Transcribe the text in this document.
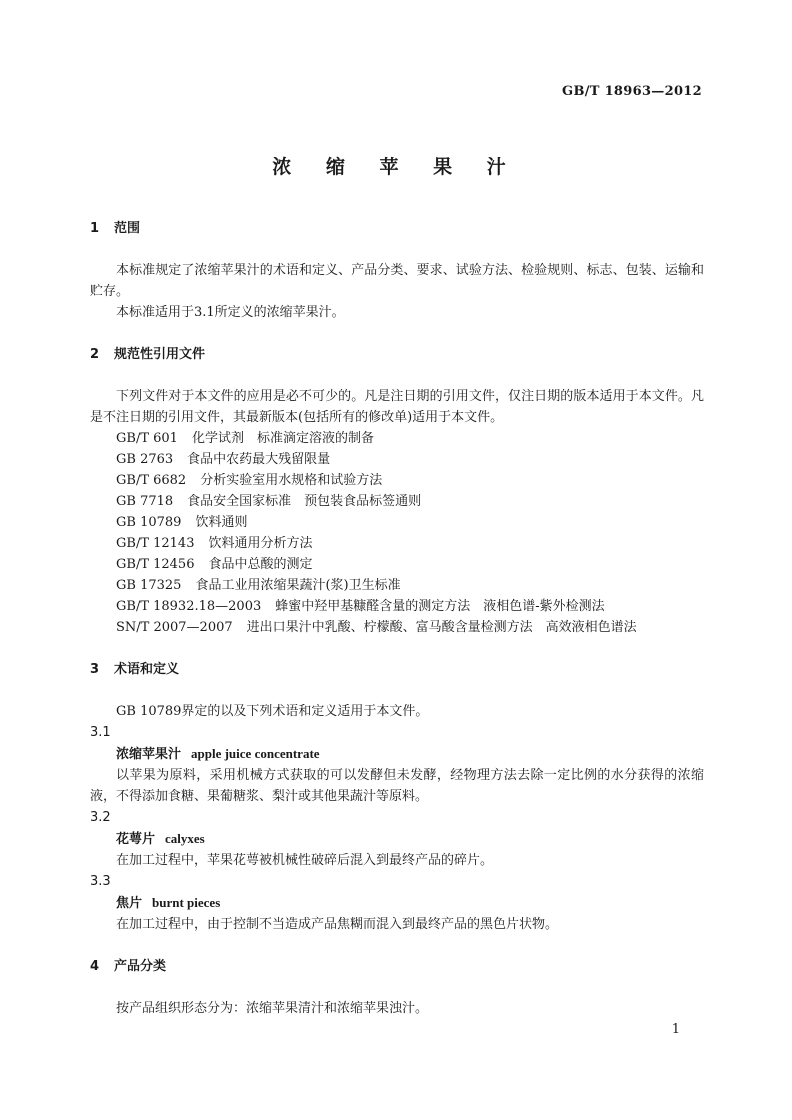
GB/T 18963—2012
浓 缩 苹 果 汁
1 范围
本标准规定了浓缩苹果汁的术语和定义、产品分类、要求、试验方法、检验规则、标志、包装、运输和贮存。
本标准适用于3.1所定义的浓缩苹果汁。
2 规范性引用文件
下列文件对于本文件的应用是必不可少的。凡是注日期的引用文件，仅注日期的版本适用于本文件。凡是不注日期的引用文件，其最新版本(包括所有的修改单)适用于本文件。
GB/T 601 化学试剂　标准滴定溶液的制备
GB 2763 食品中农药最大残留限量
GB/T 6682 分析实验室用水规格和试验方法
GB 7718 食品安全国家标准　预包装食品标签通则
GB 10789 饮料通则
GB/T 12143 饮料通用分析方法
GB/T 12456 食品中总酸的测定
GB 17325 食品工业用浓缩果蔬汁(浆)卫生标准
GB/T 18932.18—2003 蜂蜜中羟甲基糠醛含量的测定方法　液相色谱-紫外检测法
SN/T 2007—2007 进出口果汁中乳酸、柠檬酸、富马酸含量检测方法　高效液相色谱法
3 术语和定义
GB 10789界定的以及下列术语和定义适用于本文件。
3.1
浓缩苹果汁 apple juice concentrate
以苹果为原料，采用机械方式获取的可以发酵但未发酵，经物理方法去除一定比例的水分获得的浓缩液，不得添加食糖、果葡糖浆、梨汁或其他果蔬汁等原料。
3.2
花萼片 calyxes
在加工过程中，苹果花萼被机械性破碎后混入到最终产品的碎片。
3.3
焦片 burnt pieces
在加工过程中，由于控制不当造成产品焦糊而混入到最终产品的黑色片状物。
4 产品分类
按产品组织形态分为：浓缩苹果清汁和浓缩苹果浊汁。
1
